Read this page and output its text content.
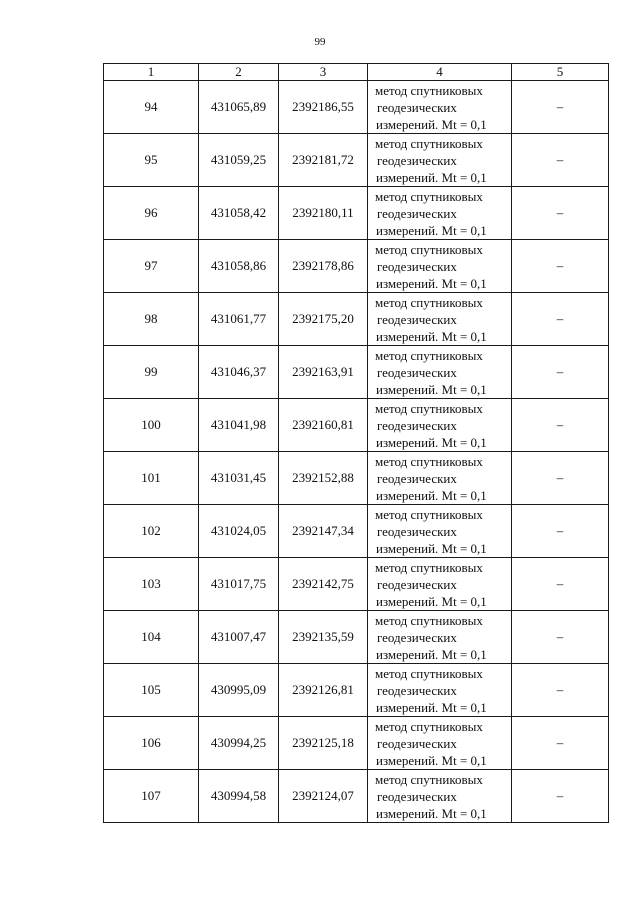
99
1	2	3	4	5
94	431065,89	2392186,55	метод спутниковых
геодезических
измерений. Mt = 0,1	–
95	431059,25	2392181,72	метод спутниковых
геодезических
измерений. Mt = 0,1	–
96	431058,42	2392180,11	метод спутниковых
геодезических
измерений. Mt = 0,1	–
97	431058,86	2392178,86	метод спутниковых
геодезических
измерений. Mt = 0,1	–
98	431061,77	2392175,20	метод спутниковых
геодезических
измерений. Mt = 0,1	–
99	431046,37	2392163,91	метод спутниковых
геодезических
измерений. Mt = 0,1	–
100	431041,98	2392160,81	метод спутниковых
геодезических
измерений. Mt = 0,1	–
101	431031,45	2392152,88	метод спутниковых
геодезических
измерений. Mt = 0,1	–
102	431024,05	2392147,34	метод спутниковых
геодезических
измерений. Mt = 0,1	–
103	431017,75	2392142,75	метод спутниковых
геодезических
измерений. Mt = 0,1	–
104	431007,47	2392135,59	метод спутниковых
геодезических
измерений. Mt = 0,1	–
105	430995,09	2392126,81	метод спутниковых
геодезических
измерений. Mt = 0,1	–
106	430994,25	2392125,18	метод спутниковых
геодезических
измерений. Mt = 0,1	–
107	430994,58	2392124,07	метод спутниковых
геодезических
измерений. Mt = 0,1	–
